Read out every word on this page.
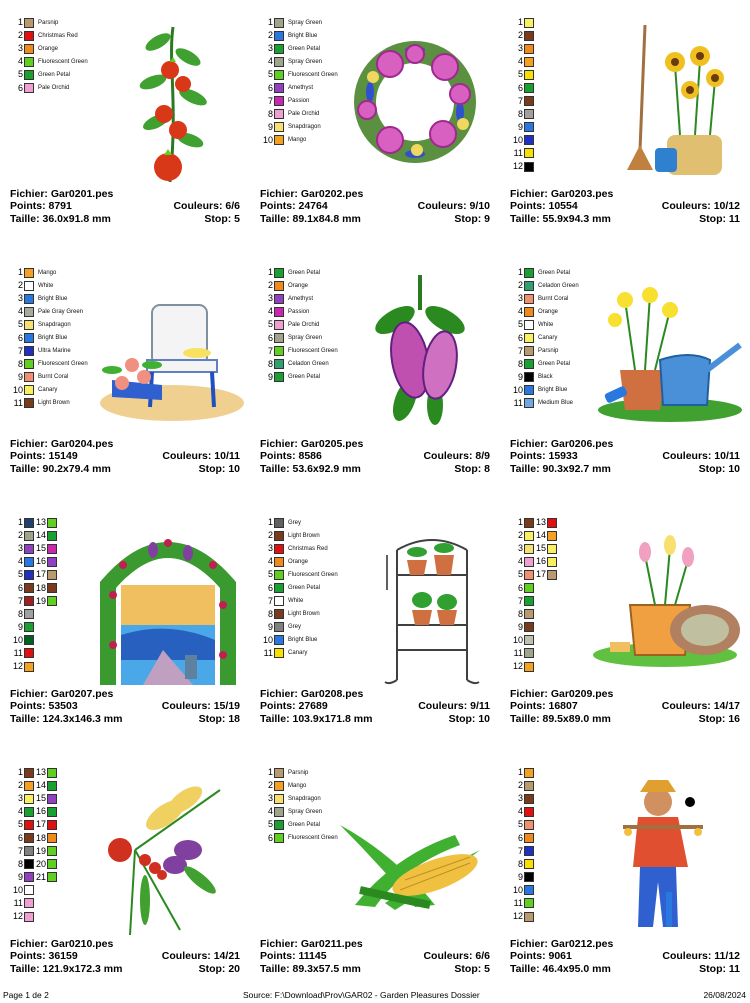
1	Parsnip
2	Christmas Red
3	Orange
4	Fluorescent Green
5	Green Petal
6	Pale Orchid
Fichier: Gar0201.pes
Points: 8791	Couleurs: 6/6
Taille: 36.0x91.8 mm	Stop: 5
1	Spray Green
2	Bright Blue
3	Green Petal
4	Spray Green
5	Fluorescent Green
6	Amethyst
7	Passion
8	Pale Orchid
9	Snapdragon
10	Mango
Fichier: Gar0202.pes
Points: 24764	Couleurs: 9/10
Taille: 89.1x84.8 mm	Stop: 9
1
2
3
4
5
6
7
8
9
10
11
12
Fichier: Gar0203.pes
Points: 10554	Couleurs: 10/12
Taille: 55.9x94.3 mm	Stop: 11
1	Mango
2	White
3	Bright Blue
4	Pale Gray Green
5	Snapdragon
6	Bright Blue
7	Ultra Marine
8	Fluorescent Green
9	Burnt Coral
10	Canary
11	Light Brown
Fichier: Gar0204.pes
Points: 15149	Couleurs: 10/11
Taille: 90.2x79.4 mm	Stop: 10
1	Green Petal
2	Orange
3	Amethyst
4	Passion
5	Pale Orchid
6	Spray Green
7	Fluorescent Green
8	Celadon Green
9	Green Petal
Fichier: Gar0205.pes
Points: 8586	Couleurs: 8/9
Taille: 53.6x92.9 mm	Stop: 8
1	Green Petal
2	Celadon Green
3	Burnt Coral
4	Orange
5	White
6	Canary
7	Parsnip
8	Green Petal
9	Black
10	Bright Blue
11	Medium Blue
Fichier: Gar0206.pes
Points: 15933	Couleurs: 10/11
Taille: 90.3x92.7 mm	Stop: 10
1 13
2 14
3 15
4 16
5 17
6 18
7 19
8
9
10
11
12
Fichier: Gar0207.pes
Points: 53503	Couleurs: 15/19
Taille: 124.3x146.3 mm	Stop: 18
1	Grey
2	Light Brown
3	Christmas Red
4	Orange
5	Fluorescent Green
6	Green Petal
7	White
8	Light Brown
9	Grey
10	Bright Blue
11	Canary
Fichier: Gar0208.pes
Points: 27689	Couleurs: 9/11
Taille: 103.9x171.8 mm	Stop: 10
1 13
2 14
3 15
4 16
5 17
6
7
8
9
10
11
12
Fichier: Gar0209.pes
Points: 16807	Couleurs: 14/17
Taille: 89.5x89.0 mm	Stop: 16
1 13
2 14
3 15
4 16
5 17
6 18
7 19
8 20
9 21
10
11
12
Fichier: Gar0210.pes
Points: 36159	Couleurs: 14/21
Taille: 121.9x172.3 mm	Stop: 20
1	Parsnip
2	Mango
3	Snapdragon
4	Spray Green
5	Green Petal
6	Fluorescent Green
Fichier: Gar0211.pes
Points: 11145	Couleurs: 6/6
Taille: 89.3x57.5 mm	Stop: 5
1
2
3
4
5
6
7
8
9
10
11
12
Fichier: Gar0212.pes
Points: 9061	Couleurs: 11/12
Taille: 46.4x95.0 mm	Stop: 11
Page 1 de 2	Source: F:\Download\Prov\GAR02 - Garden Pleasures Dossier	26/08/2024
